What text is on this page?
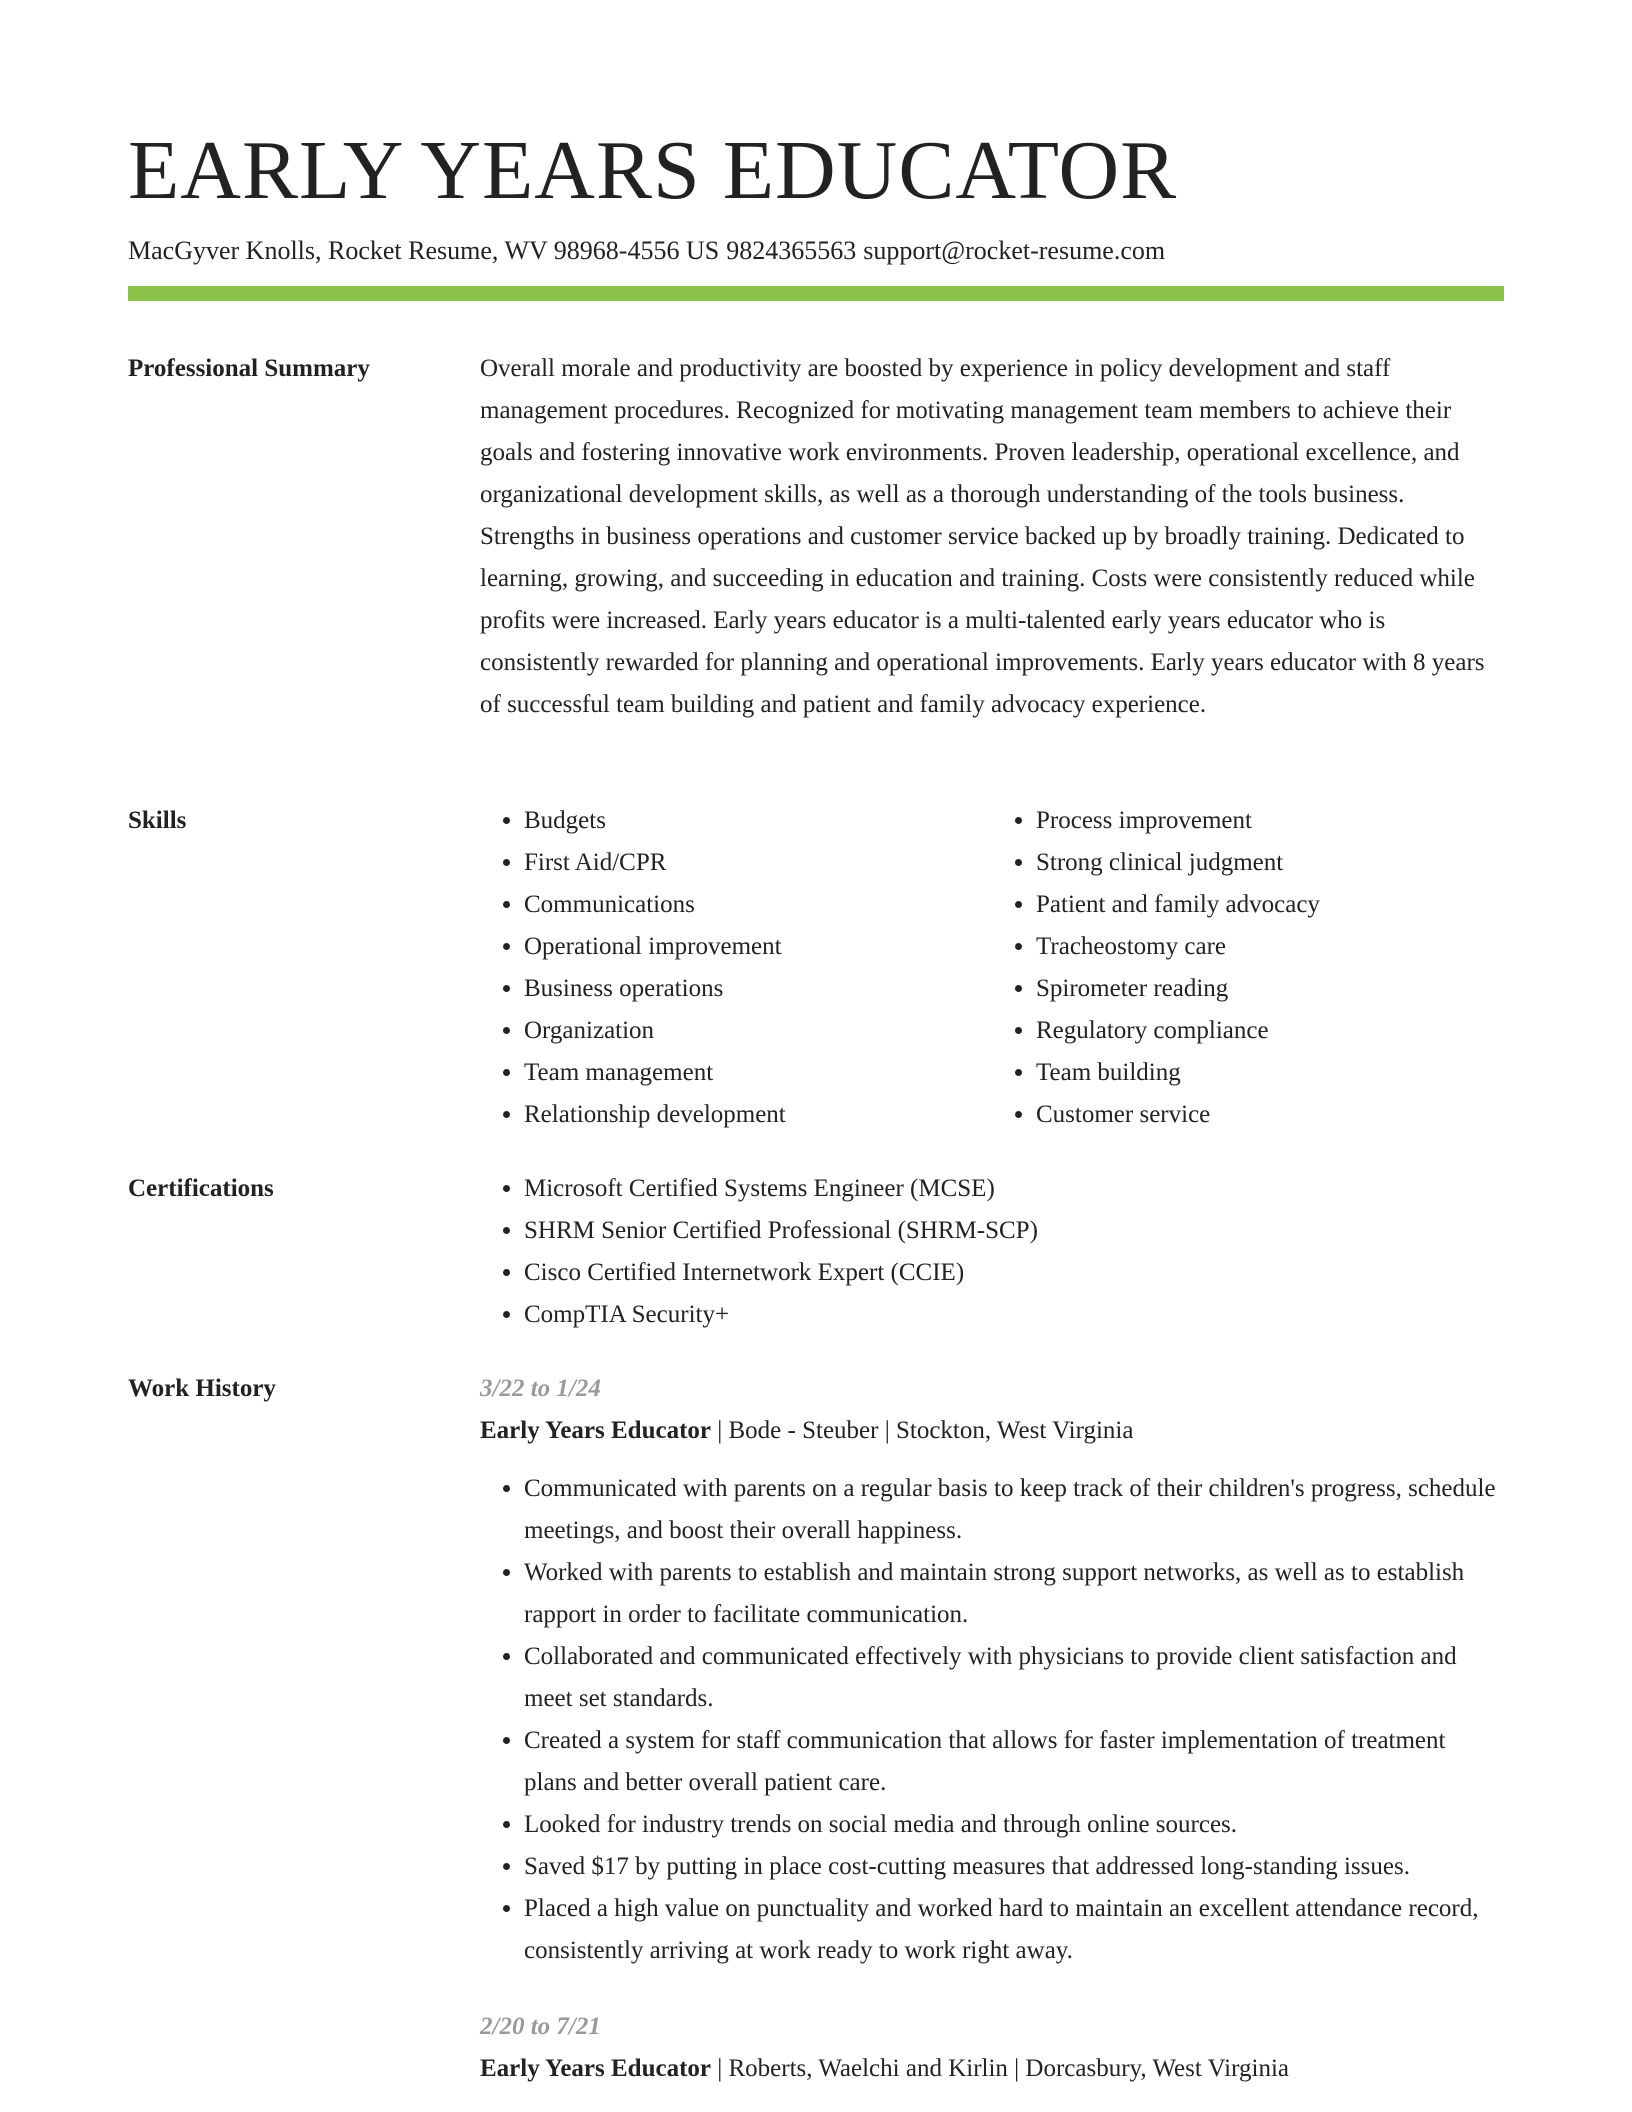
EARLY YEARS EDUCATOR
MacGyver Knolls, Rocket Resume, WV 98968-4556 US 9824365563 support@rocket-resume.com
Professional Summary	Overall morale and productivity are boosted by experience in policy development and staff management procedures. Recognized for motivating management team members to achieve their goals and fostering innovative work environments. Proven leadership, operational excellence, and organizational development skills, as well as a thorough understanding of the tools business. Strengths in business operations and customer service backed up by broadly training. Dedicated to learning, growing, and succeeding in education and training. Costs were consistently reduced while profits were increased. Early years educator is a multi-talented early years educator who is consistently rewarded for planning and operational improvements. Early years educator with 8 years of successful team building and patient and family advocacy experience.

Skills	• Budgets
• First Aid/CPR
• Communications
• Operational improvement
• Business operations
• Organization
• Team management
• Relationship development
• Process improvement
• Strong clinical judgment
• Patient and family advocacy
• Tracheostomy care
• Spirometer reading
• Regulatory compliance
• Team building
• Customer service
Certifications	• Microsoft Certified Systems Engineer (MCSE)
• SHRM Senior Certified Professional (SHRM-SCP)
• Cisco Certified Internetwork Expert (CCIE)
• CompTIA Security+
Work History	3/22 to 1/24
Early Years Educator | Bode - Steuber | Stockton, West Virginia
• Communicated with parents on a regular basis to keep track of their children's progress, schedule meetings, and boost their overall happiness.
• Worked with parents to establish and maintain strong support networks, as well as to establish rapport in order to facilitate communication.
• Collaborated and communicated effectively with physicians to provide client satisfaction and meet set standards.
• Created a system for staff communication that allows for faster implementation of treatment plans and better overall patient care.
• Looked for industry trends on social media and through online sources.
• Saved $17 by putting in place cost-cutting measures that addressed long-standing issues.
• Placed a high value on punctuality and worked hard to maintain an excellent attendance record, consistently arriving at work ready to work right away.
2/20 to 7/21
Early Years Educator | Roberts, Waelchi and Kirlin | Dorcasbury, West Virginia
